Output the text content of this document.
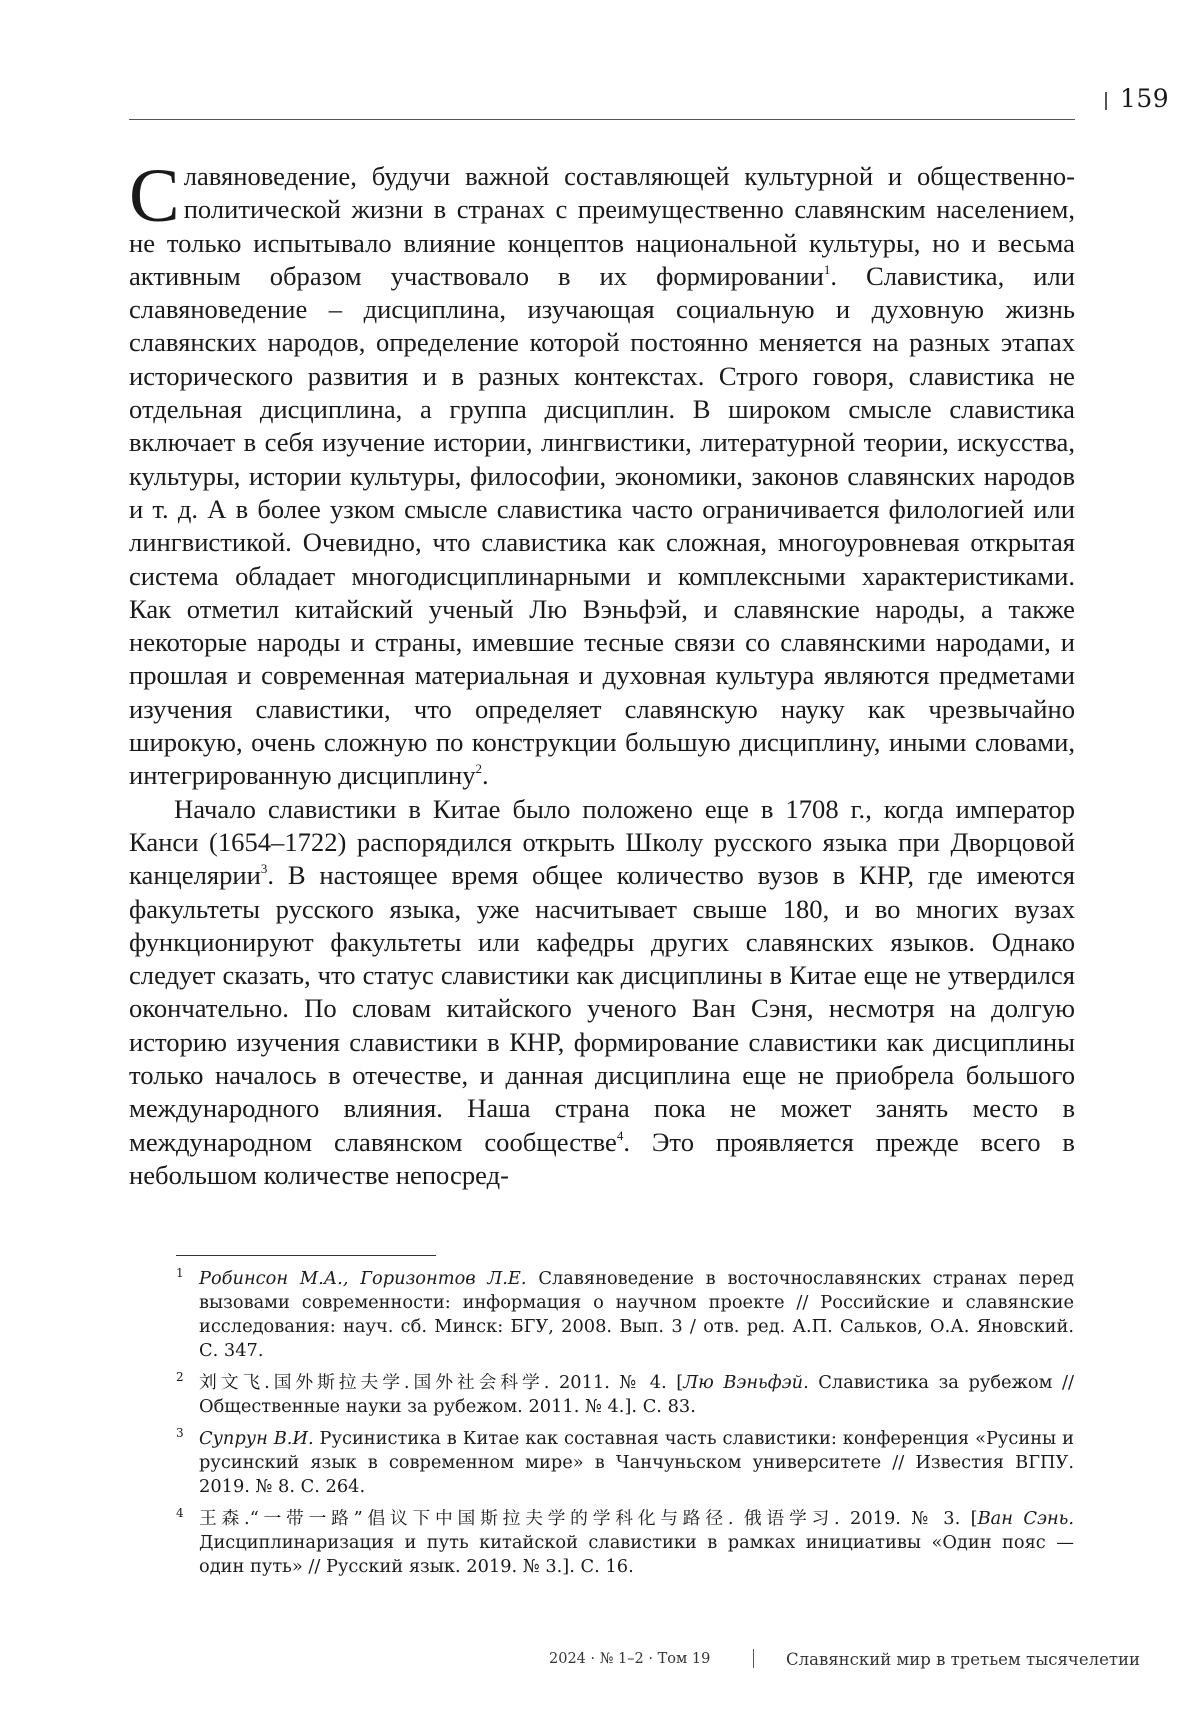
159

Славяноведение, будучи важной составляющей культурной и общественно-политической жизни в странах с преимущественно славянским населением, не только испытывало влияние концептов национальной культуры, но и весьма активным образом участвовало в их формировании$^1$. Славистика, или славяноведение – дисциплина, изучающая социальную и духовную жизнь славянских народов, определение которой постоянно меняется на разных этапах исторического развития и в разных контекстах. Строго говоря, славистика не отдельная дисциплина, а группа дисциплин. В широком смысле славистика включает в себя изучение истории, лингвистики, литературной теории, искусства, культуры, истории культуры, философии, экономики, законов славянских народов и т. д. А в более узком смысле славистика часто ограничивается филологией или лингвистикой. Очевидно, что славистика как сложная, многоуровневая открытая система обладает многодисциплинарными и комплексными характеристиками. Как отметил китайский ученый Лю Вэньфэй, и славянские народы, а также некоторые народы и страны, имевшие тесные связи со славянскими народами, и прошлая и современная материальная и духовная культура являются предметами изучения славистики, что определяет славянскую науку как чрезвычайно широкую, очень сложную по конструкции большую дисциплину, иными словами, интегрированную дисциплину$^2$.

Начало славистики в Китае было положено еще в 1708 г., когда император Канси (1654–1722) распорядился открыть Школу русского языка при Дворцовой канцелярии$^3$. В настоящее время общее количество вузов в КНР, где имеются факультеты русского языка, уже насчитывает свыше 180, и во многих вузах функционируют факультеты или кафедры других славянских языков. Однако следует сказать, что статус славистики как дисциплины в Китае еще не утвердился окончательно. По словам китайского ученого Ван Сэня, несмотря на долгую историю изучения славистики в КНР, формирование славистики как дисциплины только началось в отечестве, и данная дисциплина еще не приобрела большого международного влияния. Наша страна пока не может занять место в международном славянском сообществе$^4$. Это проявляется прежде всего в небольшом количестве непосред-

1 Робинсон М.А., Горизонтов Л.Е. Славяноведение в восточнославянских странах перед вызовами современности: информация о научном проекте // Российские и славянские исследования: науч. сб. Минск: БГУ, 2008. Вып. 3 / отв. ред. А.П. Сальков, О.А. Яновский. С. 347.
2 刘文飞.国外斯拉夫学.国外社会科学. 2011. № 4. [Лю Вэньфэй. Славистика за рубежом // Общественные науки за рубежом. 2011. № 4.]. С. 83.
3 Супрун В.И. Русинистика в Китае как составная часть славистики: конференция «Русины и русинский язык в современном мире» в Чанчуньском университете // Известия ВГПУ. 2019. № 8. С. 264.
4 王森.“一带一路”倡议下中国斯拉夫学的学科化与路径. 俄语学习. 2019. № 3. [Ван Сэнь. Дисциплинаризация и путь китайской славистики в рамках инициативы «Один пояс — один путь» // Русский язык. 2019. № 3.]. С. 16.
2024 · № 1–2 · Том 19	Славянский мир в третьем тысячелетии
